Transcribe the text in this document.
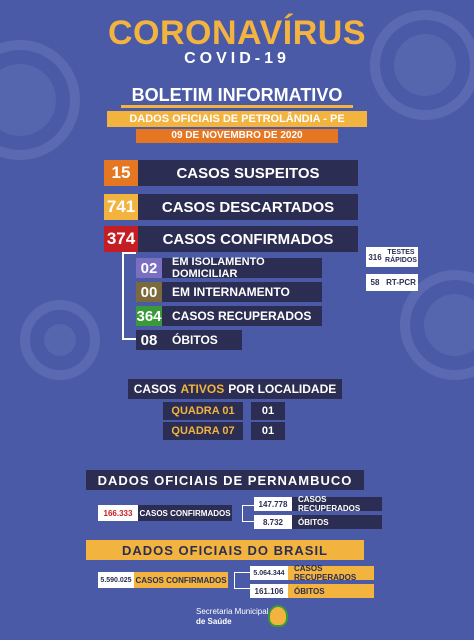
CORONAVÍRUS
COVID-19
BOLETIM INFORMATIVO
DADOS OFICIAIS DE PETROLÂNDIA - PE
09 DE NOVEMBRO DE 2020
15	CASOS SUSPEITOS
741	CASOS DESCARTADOS
374	CASOS CONFIRMADOS
02	EM ISOLAMENTO DOMICILIAR
00	EM INTERNAMENTO
364 CASOS RECUPERADOS
08	ÓBITOS
316 TESTES RÁPIDOS
58 RT-PCR
CASOS ATIVOS POR LOCALIDADE
QUADRA 01	01
QUADRA 07	01
DADOS OFICIAIS DE PERNAMBUCO
166.333 CASOS CONFIRMADOS
147.778	CASOS RECUPERADOS
8.732	ÓBITOS
DADOS OFICIAIS DO BRASIL
5.590.025 CASOS CONFIRMADOS
5.064.344	CASOS RECUPERADOS
161.106	ÓBITOS
Secretaria Municipal
de Saúde
